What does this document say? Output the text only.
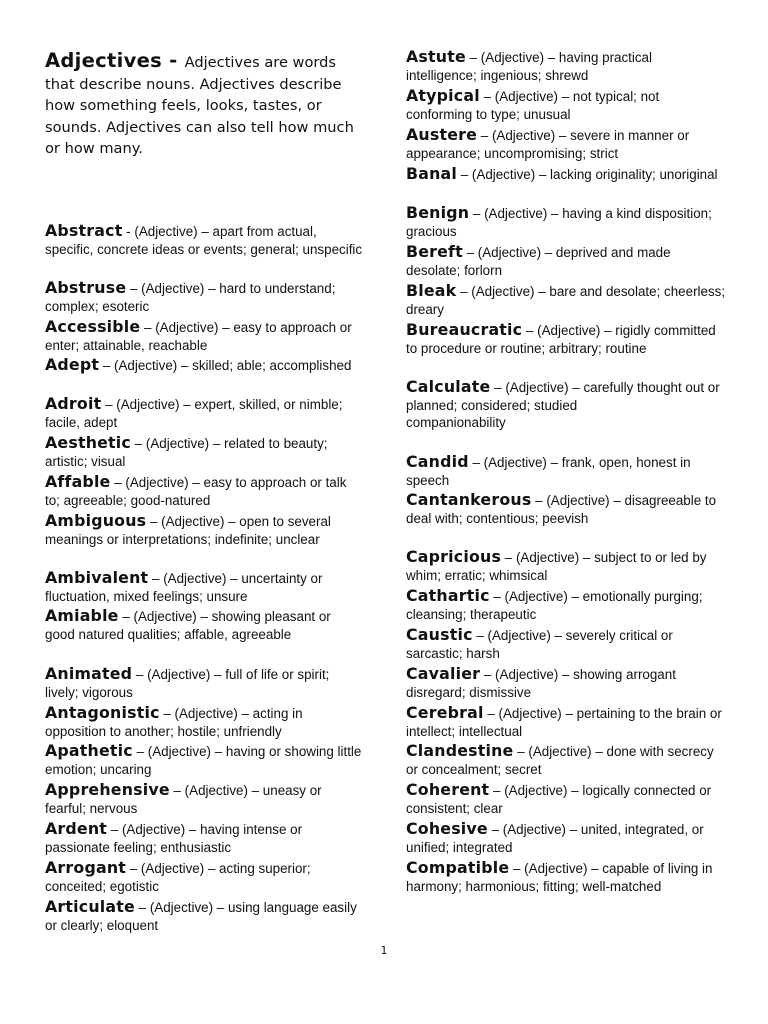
Adjectives - Adjectives are words that describe nouns. Adjectives describe how something feels, looks, tastes, or sounds. Adjectives can also tell how much or how many.
Abstract - (Adjective) – apart from actual, specific, concrete ideas or events; general; unspecific
Abstruse – (Adjective) – hard to understand; complex; esoteric
Accessible – (Adjective) – easy to approach or enter; attainable, reachable
Adept – (Adjective) – skilled; able; accomplished
Adroit – (Adjective) – expert, skilled, or nimble; facile, adept
Aesthetic – (Adjective) – related to beauty; artistic; visual
Affable – (Adjective) – easy to approach or talk to; agreeable; good-natured
Ambiguous – (Adjective) – open to several meanings or interpretations; indefinite; unclear
Ambivalent – (Adjective) – uncertainty or fluctuation, mixed feelings; unsure
Amiable – (Adjective) – showing pleasant or good natured qualities; affable, agreeable
Animated – (Adjective) – full of life or spirit; lively; vigorous
Antagonistic – (Adjective) – acting in opposition to another; hostile; unfriendly
Apathetic – (Adjective) – having or showing little emotion; uncaring
Apprehensive – (Adjective) – uneasy or fearful; nervous
Ardent – (Adjective) – having intense or passionate feeling; enthusiastic
Arrogant – (Adjective) – acting superior; conceited; egotistic
Articulate – (Adjective) – using language easily or clearly; eloquent
Astute – (Adjective) – having practical intelligence; ingenious; shrewd
Atypical – (Adjective) – not typical; not conforming to type; unusual
Austere – (Adjective) – severe in manner or appearance; uncompromising; strict
Banal – (Adjective) – lacking originality; unoriginal
Benign – (Adjective) – having a kind disposition; gracious
Bereft – (Adjective) – deprived and made desolate; forlorn
Bleak – (Adjective) – bare and desolate; cheerless; dreary
Bureaucratic – (Adjective) – rigidly committed to procedure or routine; arbitrary; routine
Calculate – (Adjective) – carefully thought out or planned; considered; studied
companionability
Candid – (Adjective) – frank, open, honest in speech
Cantankerous – (Adjective) – disagreeable to deal with; contentious; peevish
Capricious – (Adjective) – subject to or led by whim; erratic; whimsical
Cathartic – (Adjective) – emotionally purging; cleansing; therapeutic
Caustic – (Adjective) – severely critical or sarcastic; harsh
Cavalier – (Adjective) – showing arrogant disregard; dismissive
Cerebral – (Adjective) – pertaining to the brain or intellect; intellectual
Clandestine – (Adjective) – done with secrecy or concealment; secret
Coherent – (Adjective) – logically connected or consistent; clear
Cohesive – (Adjective) – united, integrated, or unified; integrated
Compatible – (Adjective) – capable of living in harmony; harmonious; fitting; well-matched
1
